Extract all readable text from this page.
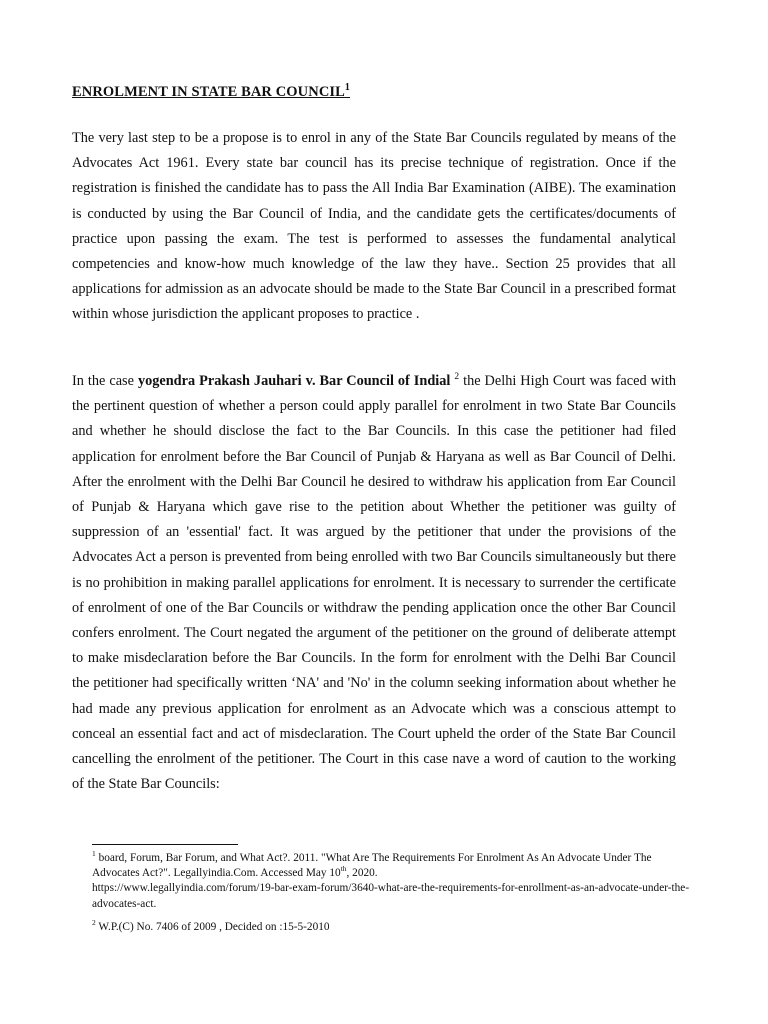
ENROLMENT IN STATE BAR COUNCIL$^1$

The very last step to be a propose is to enrol in any of the State Bar Councils regulated by means of the Advocates Act 1961. Every state bar council has its precise technique of registration. Once if the registration is finished the candidate has to pass the All India Bar Examination (AIBE). The examination is conducted by using the Bar Council of India, and the candidate gets the certificates/documents of practice upon passing the exam. The test is performed to assesses the fundamental analytical competencies and know-how much knowledge of the law they have.. Section 25 provides that all applications for admission as an advocate should be made to the State Bar Council in a prescribed format within whose jurisdiction the applicant proposes to practice .

In the case yogendra Prakash Jauhari v. Bar Council of Indial $^2$ the Delhi High Court was faced with the pertinent question of whether a person could apply parallel for enrolment in two State Bar Councils and whether he should disclose the fact to the Bar Councils. In this case the petitioner had filed application for enrolment before the Bar Council of Punjab & Haryana as well as Bar Council of Delhi. After the enrolment with the Delhi Bar Council he desired to withdraw his application from Ear Council of Punjab & Haryana which gave rise to the petition about Whether the petitioner was guilty of suppression of an 'essential' fact. It was argued by the petitioner that under the provisions of the Advocates Act a person is prevented from being enrolled with two Bar Councils simultaneously but there is no prohibition in making parallel applications for enrolment. It is necessary to surrender the certificate of enrolment of one of the Bar Councils or withdraw the pending application once the other Bar Council confers enrolment. The Court negated the argument of the petitioner on the ground of deliberate attempt to make misdeclaration before the Bar Councils. In the form for enrolment with the Delhi Bar Council the petitioner had specifically written ‘NA' and 'No' in the column seeking information about whether he had made any previous application for enrolment as an Advocate which was a conscious attempt to conceal an essential fact and act of misdeclaration. The Court upheld the order of the State Bar Council cancelling the enrolment of the petitioner. The Court in this case nave a word of caution to the working of the State Bar Councils:

$^1$ board, Forum, Bar Forum, and What Act?. 2011. "What Are The Requirements For Enrolment As An Advocate Under The Advocates Act?". Legallyindia.Com. Accessed May 10th, 2020.
https://www.legallyindia.com/forum/19-bar-exam-forum/3640-what-are-the-requirements-for-enrollment-as-an-advocate-under-the-advocates-act.

$^2$ W.P.(C) No. 7406 of 2009 , Decided on :15-5-2010
